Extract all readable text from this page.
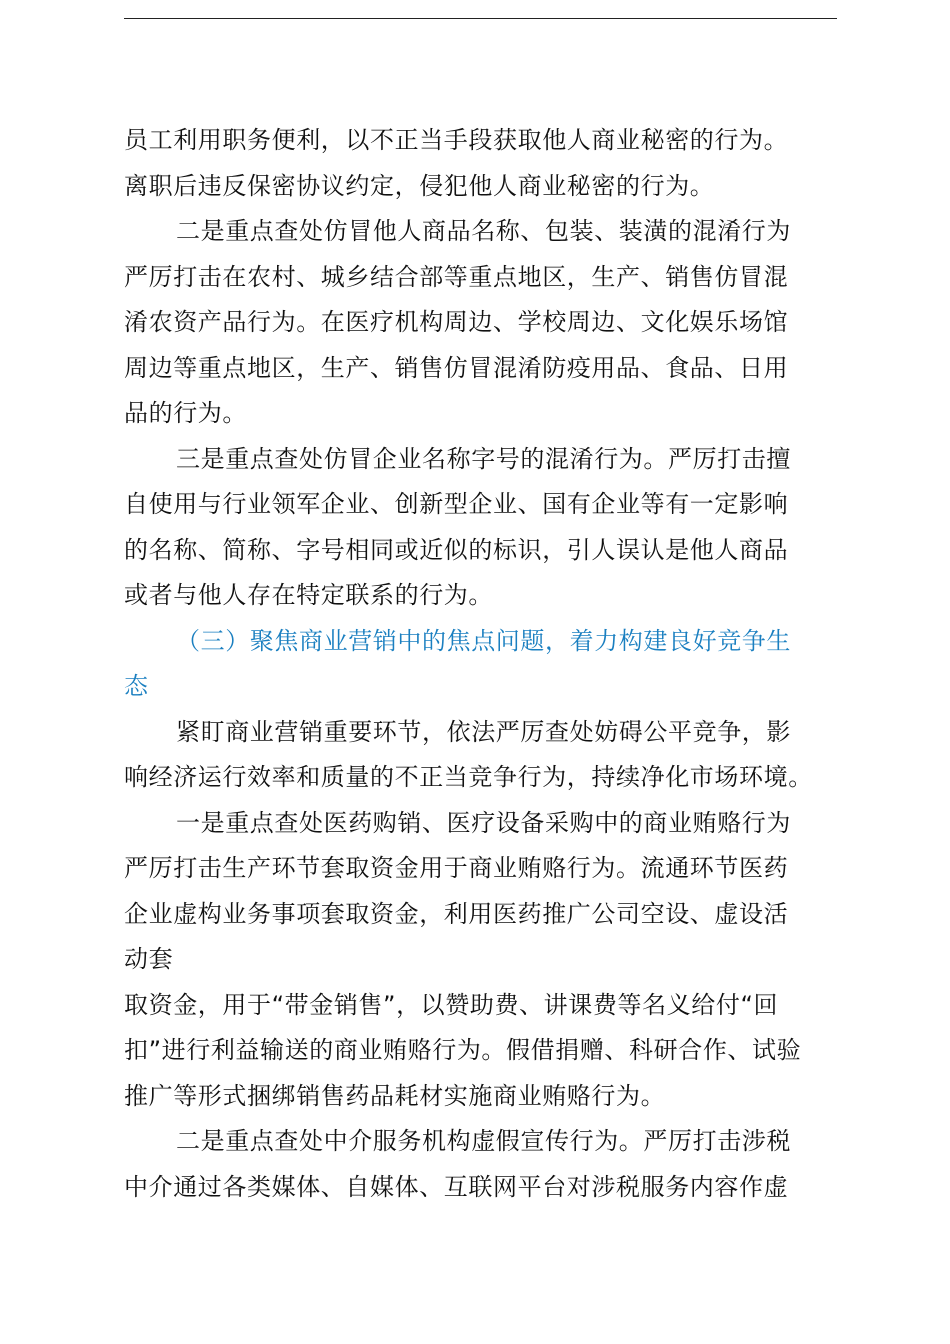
员工利用职务便利，以不正当手段获取他人商业秘密的行为。
离职后违反保密协议约定，侵犯他人商业秘密的行为。
二是重点查处仿冒他人商品名称、包装、装潢的混淆行为
严厉打击在农村、城乡结合部等重点地区，生产、销售仿冒混
淆农资产品行为。在医疗机构周边、学校周边、文化娱乐场馆
周边等重点地区，生产、销售仿冒混淆防疫用品、食品、日用
品的行为。
三是重点查处仿冒企业名称字号的混淆行为。严厉打击擅
自使用与行业领军企业、创新型企业、国有企业等有一定影响
的名称、简称、字号相同或近似的标识，引人误认是他人商品
或者与他人存在特定联系的行为。
（三）聚焦商业营销中的焦点问题，着力构建良好竞争生
态
紧盯商业营销重要环节，依法严厉查处妨碍公平竞争，影
响经济运行效率和质量的不正当竞争行为，持续净化市场环境。
一是重点查处医药购销、医疗设备采购中的商业贿赂行为
严厉打击生产环节套取资金用于商业贿赂行为。流通环节医药
企业虚构业务事项套取资金，利用医药推广公司空设、虚设活
动套
取资金，用于“带金销售”，以赞助费、讲课费等名义给付“回
扣”进行利益输送的商业贿赂行为。假借捐赠、科研合作、试验
推广等形式捆绑销售药品耗材实施商业贿赂行为。
二是重点查处中介服务机构虚假宣传行为。严厉打击涉税
中介通过各类媒体、自媒体、互联网平台对涉税服务内容作虚
